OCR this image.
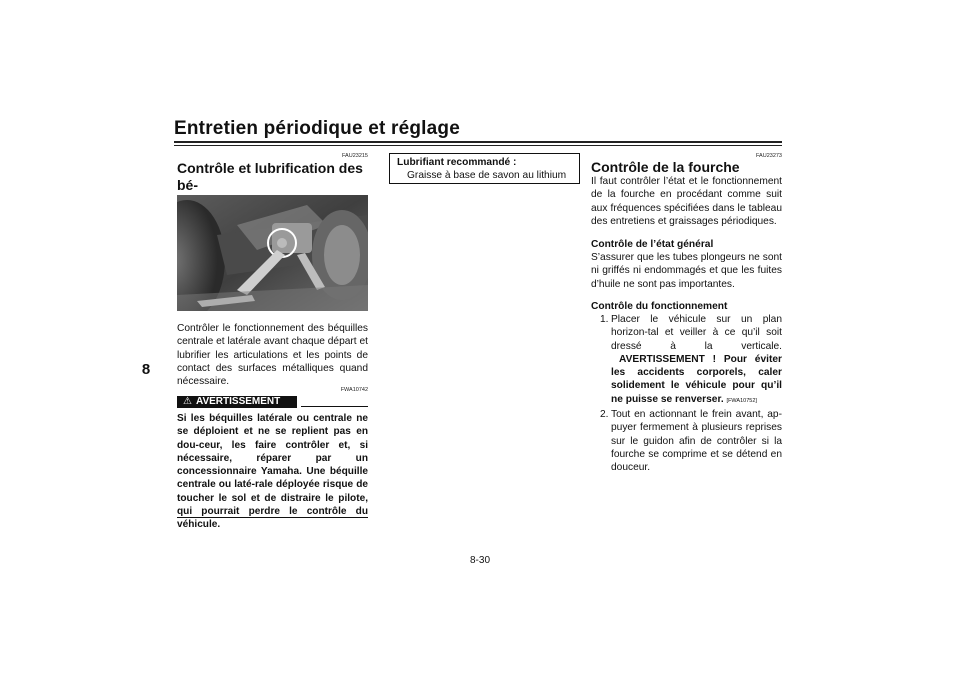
Entretien périodique et réglage
8
FAU23215
Contrôle et lubrification des bé-

Contrôler le fonctionnement des béquilles centrale et latérale avant chaque départ et lubrifier les articulations et les points de contact des surfaces métalliques quand nécessaire.

FWA10742
⚠ AVERTISSEMENT

Si les béquilles latérale ou centrale ne se déploient et ne se replient pas en dou-ceur, les faire contrôler et, si nécessaire, réparer par un concessionnaire Yamaha. Une béquille centrale ou laté-rale déployée risque de toucher le sol et de distraire le pilote, qui pourrait perdre le contrôle du véhicule.

Lubrifiant recommandé :
Graisse à base de savon au lithium
FAU23273
Contrôle de la fourche

Il faut contrôler l’état et le fonctionnement de la fourche en procédant comme suit aux fréquences spécifiées dans le tableau des entretiens et graissages périodiques.

Contrôle de l’état général

S’assurer que les tubes plongeurs ne sont ni griffés ni endommagés et que les fuites d’huile ne sont pas importantes.

Contrôle du fonctionnement
1. Placer le véhicule sur un plan horizon-tal et veiller à ce qu’il soit dressé à la verticale. AVERTISSEMENT ! Pour éviter les accidents corporels, caler solidement le véhicule pour qu’il ne puisse se renverser. [FWA10752]
2. Tout en actionnant le frein avant, ap-puyer fermement à plusieurs reprises sur le guidon afin de contrôler si la fourche se comprime et se détend en douceur.
8-30
